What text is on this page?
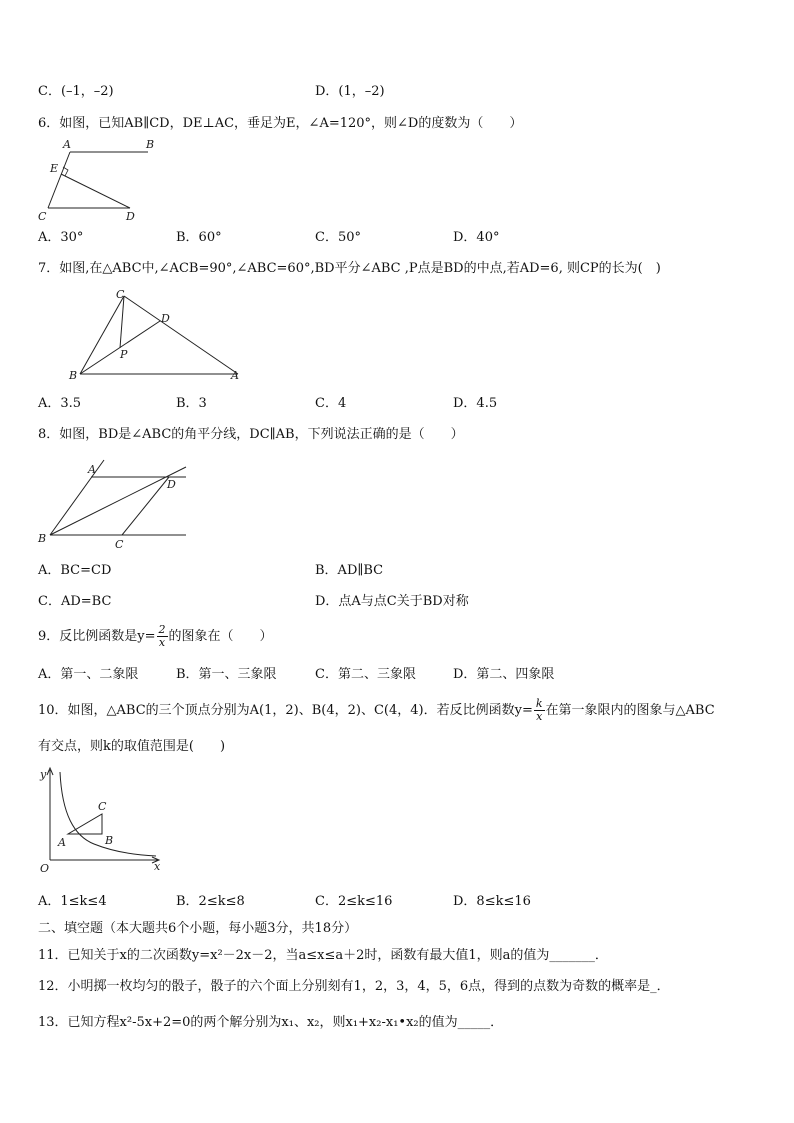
C．(–1，–2)	D．(1，–2)
6．如图，已知AB∥CD，DE⊥AC，垂足为E，∠A=120°，则∠D的度数为（　　）
A	B
E
C	D
A．30°	B．60°	C．50°	D．40°
7．如图,在△ABC中,∠ACB=90°,∠ABC=60°,BD平分∠ABC ,P点是BD的中点,若AD=6, 则CP的长为(　)
C
D
P
B	A
A．3.5	B．3	C．4	D．4.5
8．如图，BD是∠ABC的角平分线，DC∥AB，下列说法正确的是（　　）
A
D
B	C
A．BC=CD	B．AD∥BC
C．AD=BC	D．点A与点C关于BD对称
9．反比例函数是$y= \frac{2}{x}$ 的图象在（　　）
A．第一、二象限	B．第一、三象限	C．第二、三象限	D．第二、四象限
10．如图，△ABC的三个顶点分别为A(1，2)、B(4，2)、C(4，4)．若反比例函数$y= \frac{k}{x}$ 在第一象限内的图象与△ABC
有交点，则k的取值范围是(　　)
y
x
O
A	B
C
A．1≤k≤4	B．2≤k≤8	C．2≤k≤16	D．8≤k≤16
二、填空题（本大题共6个小题，每小题3分，共18分）
11．已知关于x的二次函数y=x²－2x－2，当a≤x≤a＋2时，函数有最大值1，则a的值为_______．
12．小明掷一枚均匀的骰子，骰子的六个面上分别刻有1，2，3，4，5，6点，得到的点数为奇数的概率是_．
13．已知方程x²-5x+2=0的两个解分别为x₁、x₂，则x₁+x₂-x₁•x₂的值为_____．
